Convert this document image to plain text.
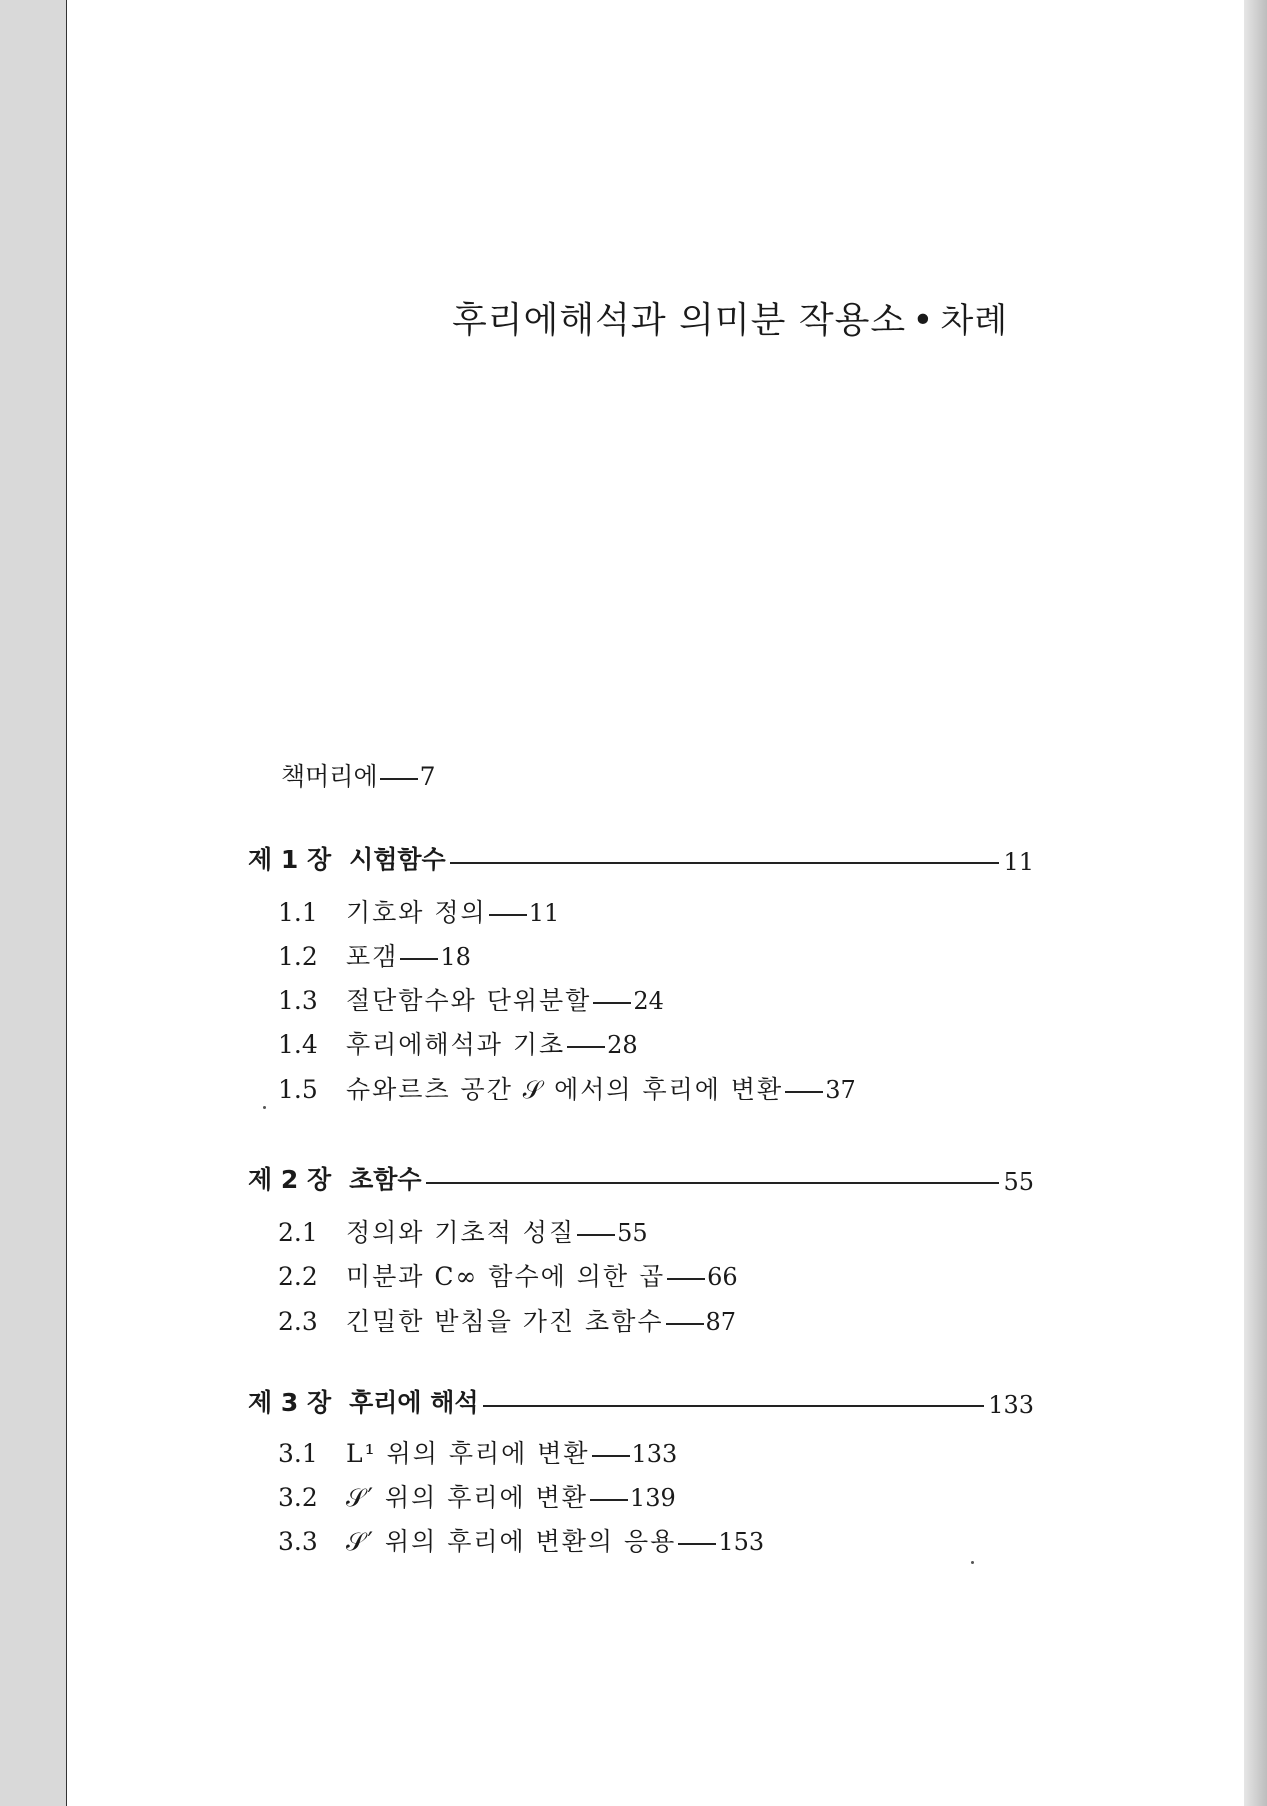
후리에해석과 의미분 작용소 • 차례
책머리에 7
제 1 장 시험함수	11
1.1 기호와 정의 11
1.2 포갬 18
1.3 절단함수와 단위분할 24
1.4 후리에해석과 기초 28
1.5 슈와르츠 공간 𝒮 에서의 후리에 변환 37
제 2 장 초함수	55
2.1 정의와 기초적 성질 55
2.2 미분과 C∞ 함수에 의한 곱 66
2.3 긴밀한 받침을 가진 초함수 87
제 3 장 후리에 해석	133
3.1 L¹ 위의 후리에 변환 133
3.2 𝒮′ 위의 후리에 변환 139
3.3 𝒮′ 위의 후리에 변환의 응용 153
